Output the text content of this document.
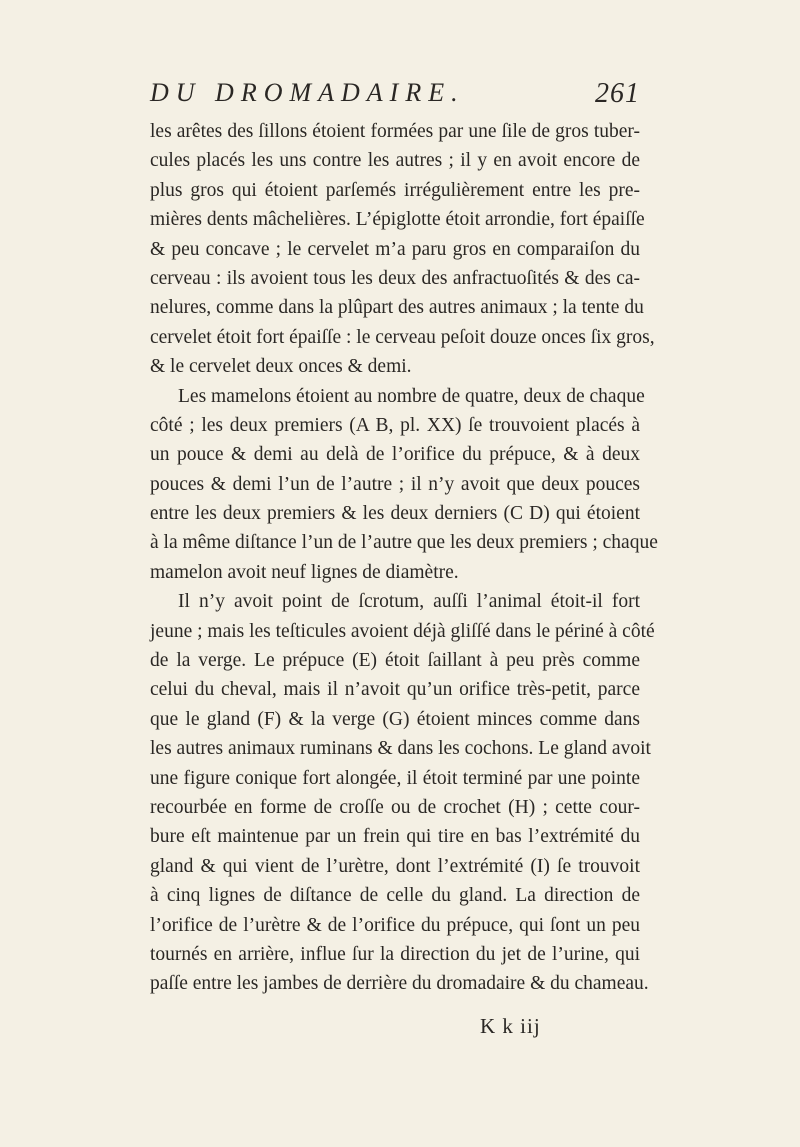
DU DROMADAIRE.	261
les arêtes des ſillons étoient formées par une ſile de gros tuber-
cules placés les uns contre les autres ; il y en avoit encore de
plus gros qui étoient parſemés irrégulièrement entre les pre-
mières dents mâchelières. L’épiglotte étoit arrondie, fort épaiſſe
& peu concave ; le cervelet m’a paru gros en comparaiſon du
cerveau : ils avoient tous les deux des anfractuoſités & des ca-
nelures, comme dans la plûpart des autres animaux ; la tente du
cervelet étoit fort épaiſſe : le cerveau peſoit douze onces ſix gros,
& le cervelet deux onces & demi.
Les mamelons étoient au nombre de quatre, deux de chaque
côté ; les deux premiers (A B, pl. XX) ſe trouvoient placés à
un pouce & demi au delà de l’orifice du prépuce, & à deux
pouces & demi l’un de l’autre ; il n’y avoit que deux pouces
entre les deux premiers & les deux derniers (C D) qui étoient
à la même diſtance l’un de l’autre que les deux premiers ; chaque
mamelon avoit neuf lignes de diamètre.
Il n’y avoit point de ſcrotum, auſſi l’animal étoit-il fort
jeune ; mais les teſticules avoient déjà gliſſé dans le périné à côté
de la verge. Le prépuce (E) étoit ſaillant à peu près comme
celui du cheval, mais il n’avoit qu’un orifice très-petit, parce
que le gland (F) & la verge (G) étoient minces comme dans
les autres animaux ruminans & dans les cochons. Le gland avoit
une figure conique fort alongée, il étoit terminé par une pointe
recourbée en forme de croſſe ou de crochet (H) ; cette cour-
bure eſt maintenue par un frein qui tire en bas l’extrémité du
gland & qui vient de l’urètre, dont l’extrémité (I) ſe trouvoit
à cinq lignes de diſtance de celle du gland. La direction de
l’orifice de l’urètre & de l’orifice du prépuce, qui ſont un peu
tournés en arrière, influe ſur la direction du jet de l’urine, qui
paſſe entre les jambes de derrière du dromadaire & du chameau.
K k iij
